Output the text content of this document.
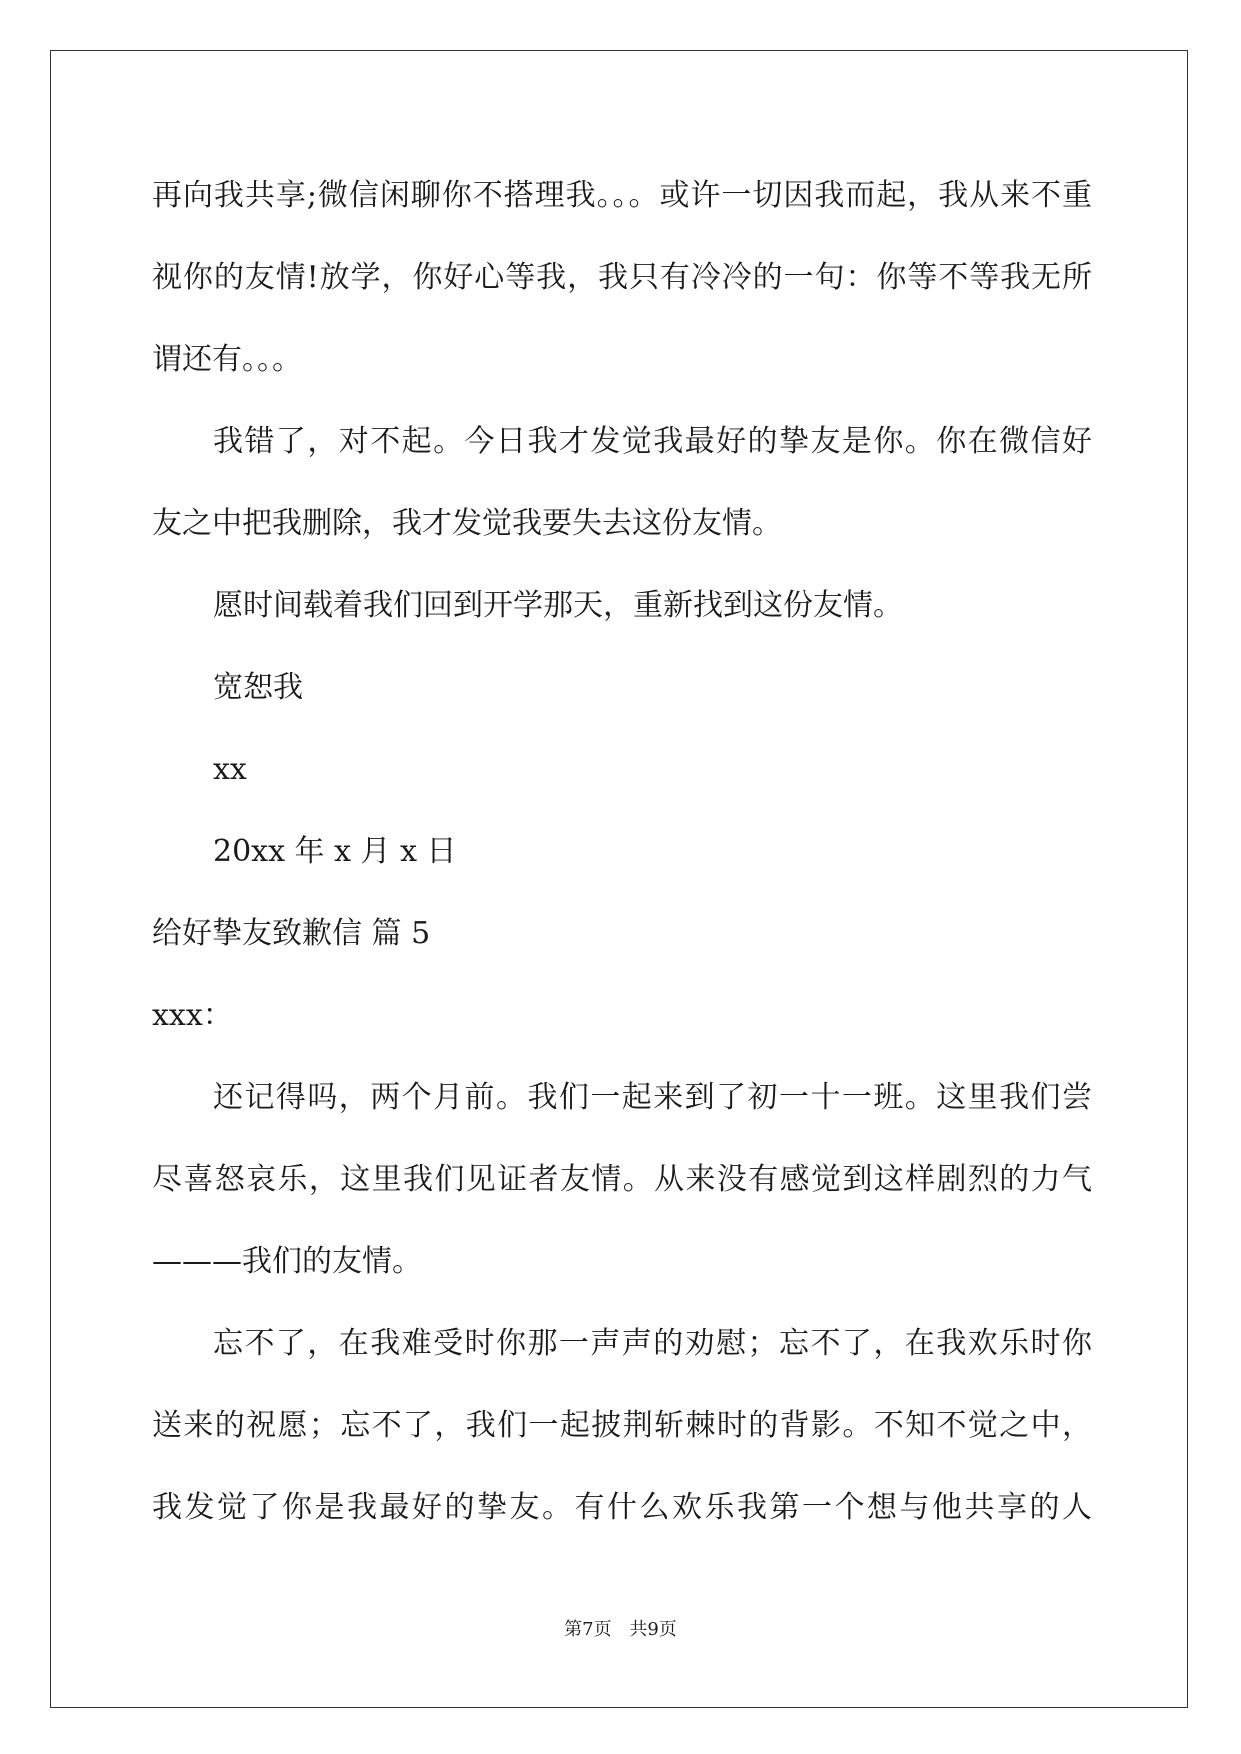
再向我共享;微信闲聊你不搭理我。。。或许一切因我而起，我从来不重
视你的友情!放学，你好心等我，我只有冷冷的一句：你等不等我无所
谓还有。。。
我错了，对不起。今日我才发觉我最好的挚友是你。你在微信好
友之中把我删除，我才发觉我要失去这份友情。
愿时间载着我们回到开学那天，重新找到这份友情。
宽恕我
xx
20xx 年 x 月 x 日
给好挚友致歉信 篇 5
xxx：
还记得吗，两个月前。我们一起来到了初一十一班。这里我们尝
尽喜怒哀乐，这里我们见证者友情。从来没有感觉到这样剧烈的力气
———我们的友情。
忘不了，在我难受时你那一声声的劝慰；忘不了，在我欢乐时你
送来的祝愿；忘不了，我们一起披荆斩棘时的背影。不知不觉之中，
我发觉了你是我最好的挚友。有什么欢乐我第一个想与他共享的人
第7页 共9页
